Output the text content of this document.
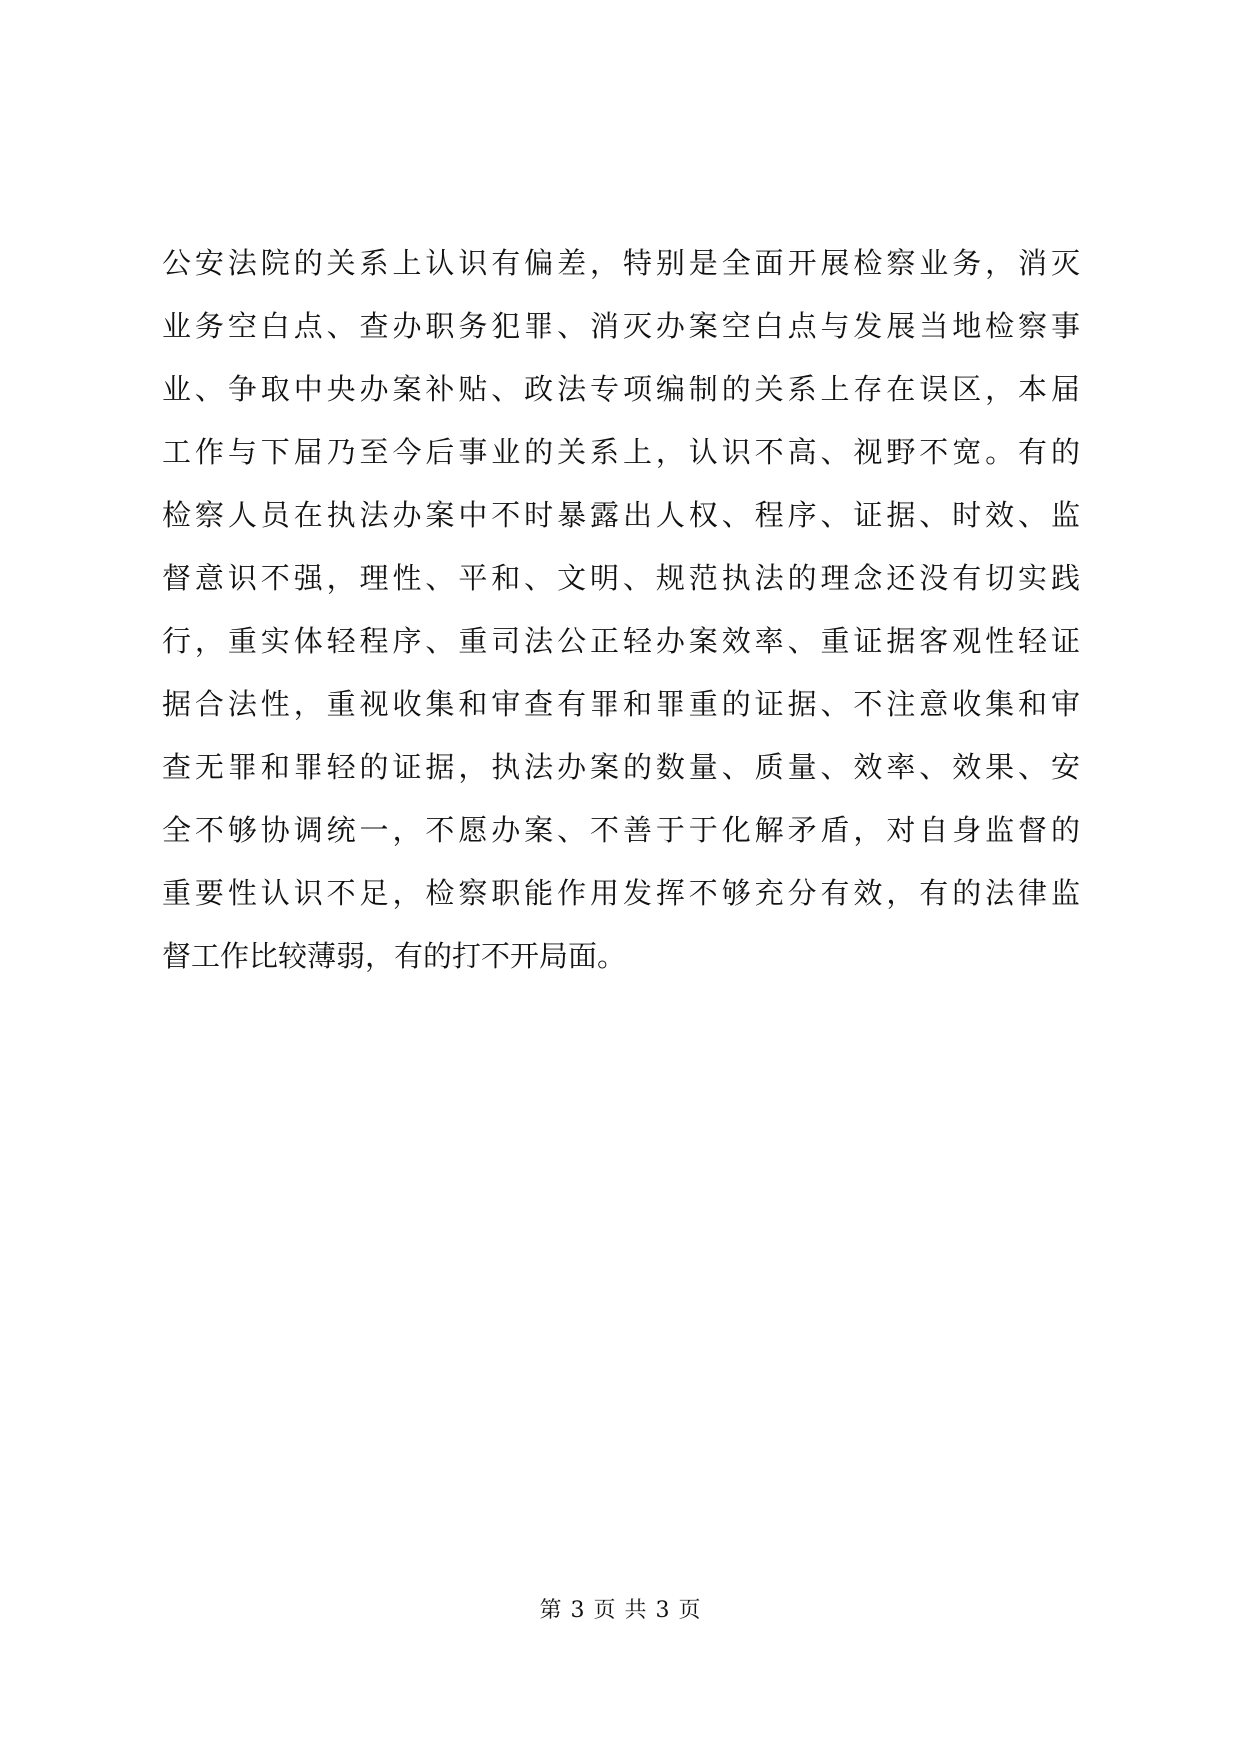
公安法院的关系上认识有偏差，特别是全面开展检察业务，消灭
业务空白点、查办职务犯罪、消灭办案空白点与发展当地检察事
业、争取中央办案补贴、政法专项编制的关系上存在误区，本届
工作与下届乃至今后事业的关系上，认识不高、视野不宽。有的
检察人员在执法办案中不时暴露出人权、程序、证据、时效、监
督意识不强，理性、平和、文明、规范执法的理念还没有切实践
行，重实体轻程序、重司法公正轻办案效率、重证据客观性轻证
据合法性，重视收集和审查有罪和罪重的证据、不注意收集和审
查无罪和罪轻的证据，执法办案的数量、质量、效率、效果、安
全不够协调统一，不愿办案、不善于于化解矛盾，对自身监督的
重要性认识不足，检察职能作用发挥不够充分有效，有的法律监
督工作比较薄弱，有的打不开局面。
第 3 页 共 3 页
